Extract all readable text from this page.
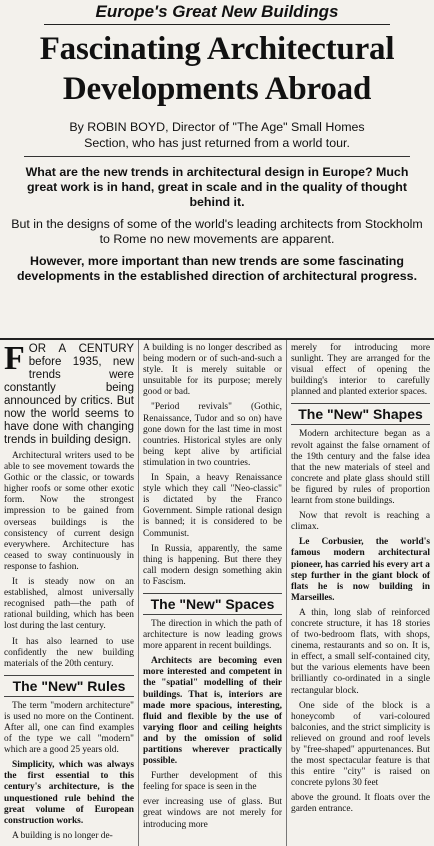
Europe's Great New Buildings
Fascinating Architectural
Developments Abroad
By ROBIN BOYD, Director of "The Age" Small Homes
Section, who has just returned from a world tour.

What are the new trends in architectural design in Europe? Much great work is in hand, great in scale and in the quality of thought behind it.

But in the designs of some of the world's leading architects from Stockholm to Rome no new movements are apparent.

However, more important than new trends are some fascinating developments in the established direction of architectural progress.

FOR A CENTURY before 1935, new trends were constantly being announced by critics. But now the world seems to have done with changing trends in building design.

Architectural writers used to be able to see movement towards the Gothic or the classic, or towards higher roofs or some other exotic form. Now the strongest impression to be gained from overseas buildings is the consistency of current design everywhere. Architecture has ceased to sway continuously in response to fashion.

It is steady now on an established, almost universally recognised path—the path of rational building, which has been lost during the last century.

It has also learned to use confidently the new building materials of the 20th century.

The "New" Rules

The term "modern architecture" is used no more on the Continent. After all, one can find examples of the type we call "modern" which are a good 25 years old.

Simplicity, which was always the first essential to this century's architecture, is the unquestioned rule behind the great volume of European construction works.

A building is no longer de-

A building is no longer described as being modern or of such-and-such a style. It is merely suitable or unsuitable for its purpose; merely good or bad.

"Period revivals" (Gothic, Renaissance, Tudor and so on) have gone down for the last time in most countries. Historical styles are only being kept alive by artificial stimulation in two countries.

In Spain, a heavy Renaissance style which they call "Neo-classic" is dictated by the Franco Government. Simple rational design is banned; it is considered to be Communist.

In Russia, apparently, the same thing is happening. But there they call modern design something akin to Fascism.

The "New" Spaces

The direction in which the path of architecture is now leading grows more apparent in recent buildings.

Architects are becoming even more interested and competent in the "spatial" modelling of their buildings. That is, interiors are made more spacious, interesting, fluid and flexible by the use of varying floor and ceiling heights and by the omission of solid partitions wherever practically possible.

Further development of this feeling for space is seen in the

ever increasing use of glass. But great windows are not merely for introducing more

merely for introducing more sunlight. They are arranged for the visual effect of opening the building's interior to carefully planned and planted exterior spaces.

The "New" Shapes

Modern architecture began as a revolt against the false ornament of the 19th century and the false idea that the new materials of steel and concrete and plate glass should still be figured by rules of proportion learnt from stone buildings.

Now that revolt is reaching a climax.

Le Corbusier, the world's famous modern architectural pioneer, has carried his every art a step further in the giant block of flats he is now building in Marseilles.

A thin, long slab of reinforced concrete structure, it has 18 stories of two-bedroom flats, with shops, cinema, restaurants and so on. It is, in effect, a small self-contained city, but the various elements have been brilliantly co-ordinated in a single rectangular block.

One side of the block is a honeycomb of vari-coloured balconies, and the strict simplicity is relieved on ground and roof levels by "free-shaped" appurtenances. But the most spectacular feature is that this entire "city" is raised on concrete pylons 30 feet

above the ground. It floats over the garden entrance.
